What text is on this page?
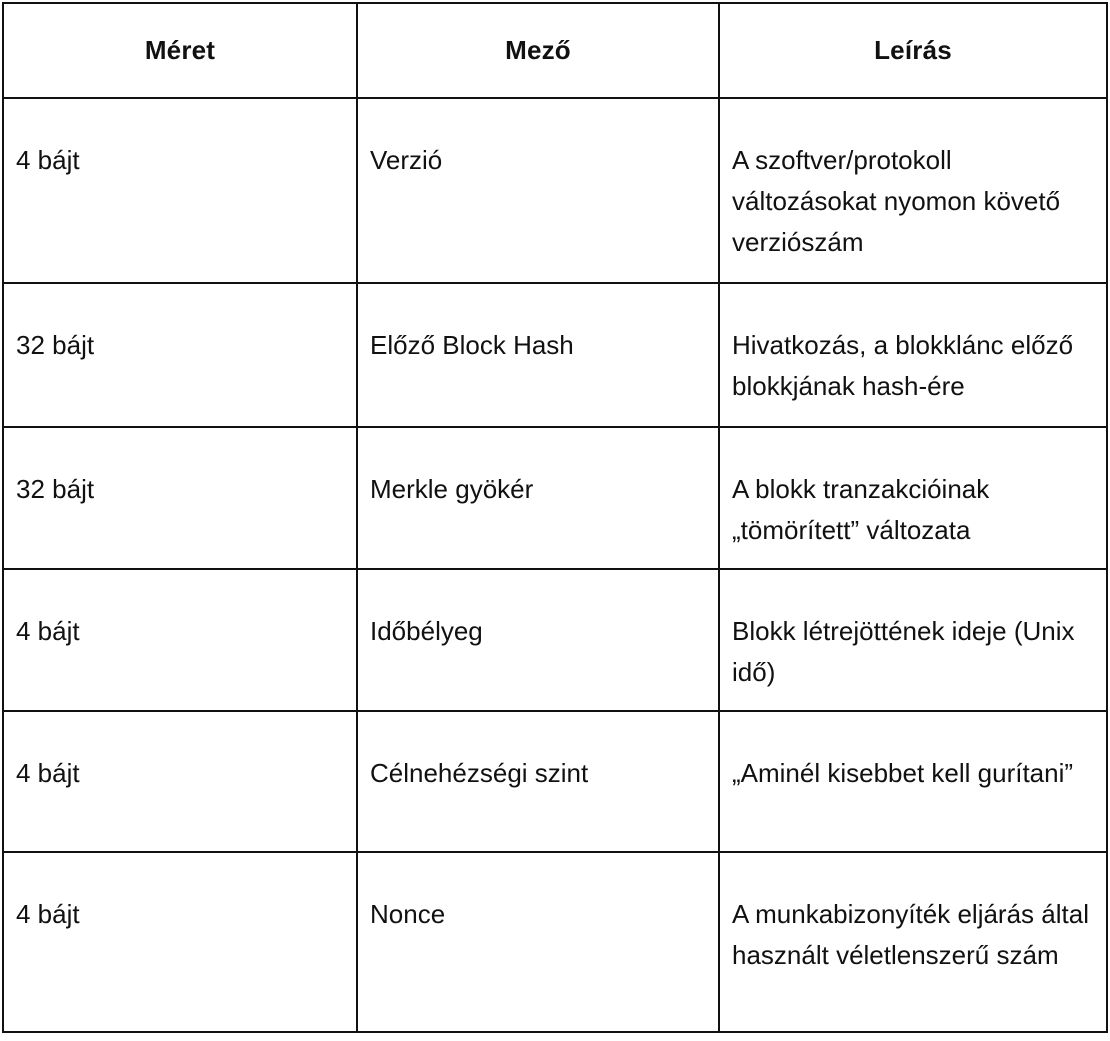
Méret	Mező	Leírás
4 bájt	Verzió	A szoftver/protokoll változásokat nyomon követő verziószám
32 bájt	Előző Block Hash	Hivatkozás, a blokklánc előző blokkjának hash-ére
32 bájt	Merkle gyökér	A blokk tranzakcióinak „tömörített” változata
4 bájt	Időbélyeg	Blokk létrejöttének ideje (Unix idő)
4 bájt	Célnehézségi szint	„Aminél kisebbet kell gurítani”
4 bájt	Nonce	A munkabizonyíték eljárás által használt véletlenszerű szám
